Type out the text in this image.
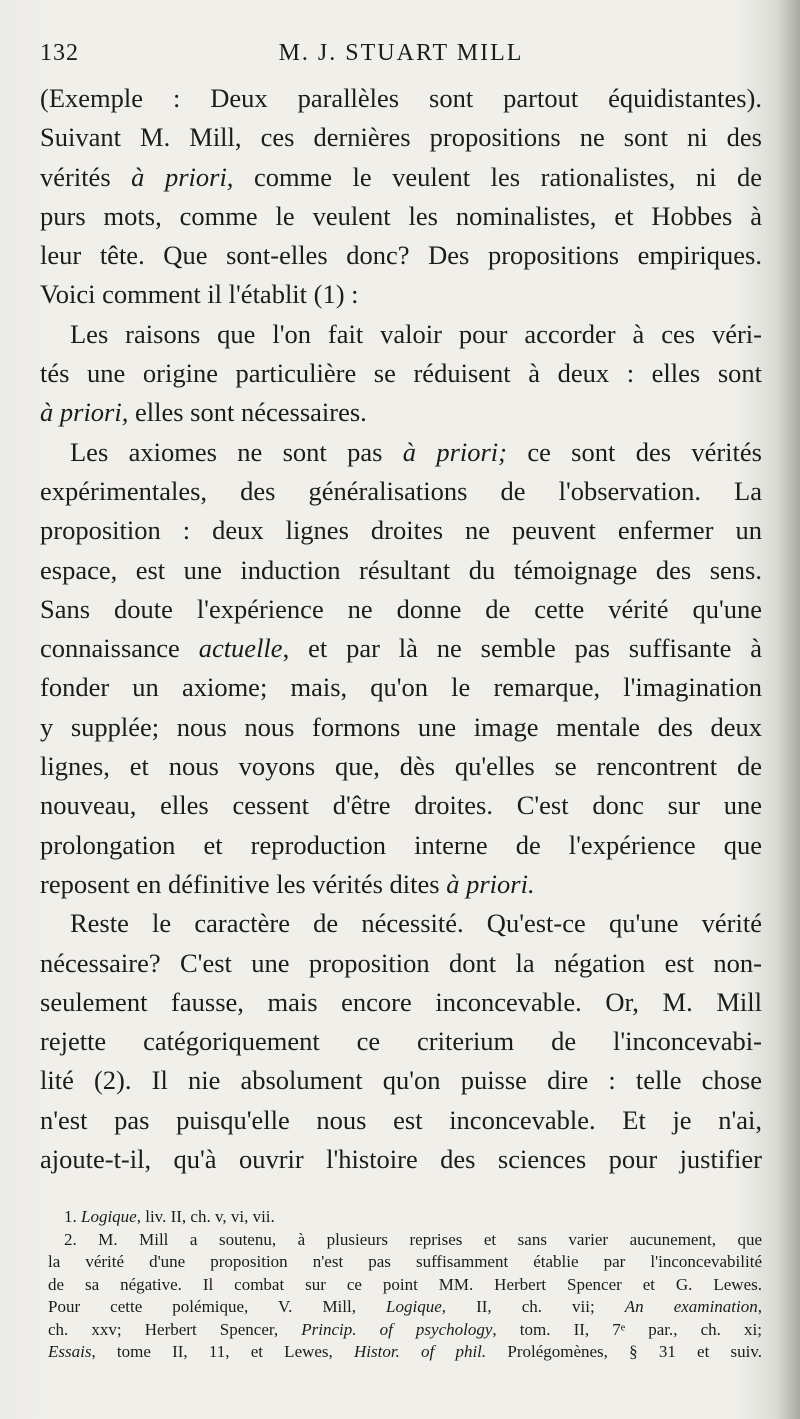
132	M. J. STUART MILL
(Exemple : Deux parallèles sont partout équidistantes).
Suivant M. Mill, ces dernières propositions ne sont ni des
vérités à priori, comme le veulent les rationalistes, ni de
purs mots, comme le veulent les nominalistes, et Hobbes à
leur tête. Que sont-elles donc? Des propositions empiriques.
Voici comment il l'établit (1) :
Les raisons que l'on fait valoir pour accorder à ces véri-
tés une origine particulière se réduisent à deux : elles sont
à priori, elles sont nécessaires.
Les axiomes ne sont pas à priori; ce sont des vérités
expérimentales, des généralisations de l'observation. La
proposition : deux lignes droites ne peuvent enfermer un
espace, est une induction résultant du témoignage des sens.
Sans doute l'expérience ne donne de cette vérité qu'une
connaissance actuelle, et par là ne semble pas suffisante à
fonder un axiome; mais, qu'on le remarque, l'imagination
y supplée; nous nous formons une image mentale des deux
lignes, et nous voyons que, dès qu'elles se rencontrent de
nouveau, elles cessent d'être droites. C'est donc sur une
prolongation et reproduction interne de l'expérience que
reposent en définitive les vérités dites à priori.
Reste le caractère de nécessité. Qu'est-ce qu'une vérité
nécessaire? C'est une proposition dont la négation est non-
seulement fausse, mais encore inconcevable. Or, M. Mill
rejette catégoriquement ce criterium de l'inconcevabi-
lité (2). Il nie absolument qu'on puisse dire : telle chose
n'est pas puisqu'elle nous est inconcevable. Et je n'ai,
ajoute-t-il, qu'à ouvrir l'histoire des sciences pour justifier
1. Logique, liv. II, ch. v, vi, vii.
2. M. Mill a soutenu, à plusieurs reprises et sans varier aucunement, que
la vérité d'une proposition n'est pas suffisamment établie par l'inconcevabilité
de sa négative. Il combat sur ce point MM. Herbert Spencer et G. Lewes.
Pour cette polémique, V. Mill, Logique, II, ch. vii; An examination,
ch. xxv; Herbert Spencer, Princip. of psychology, tom. II, 7ᵉ par., ch. xi;
Essais, tome II, 11, et Lewes, Histor. of phil. Prolégomènes, § 31 et suiv.
